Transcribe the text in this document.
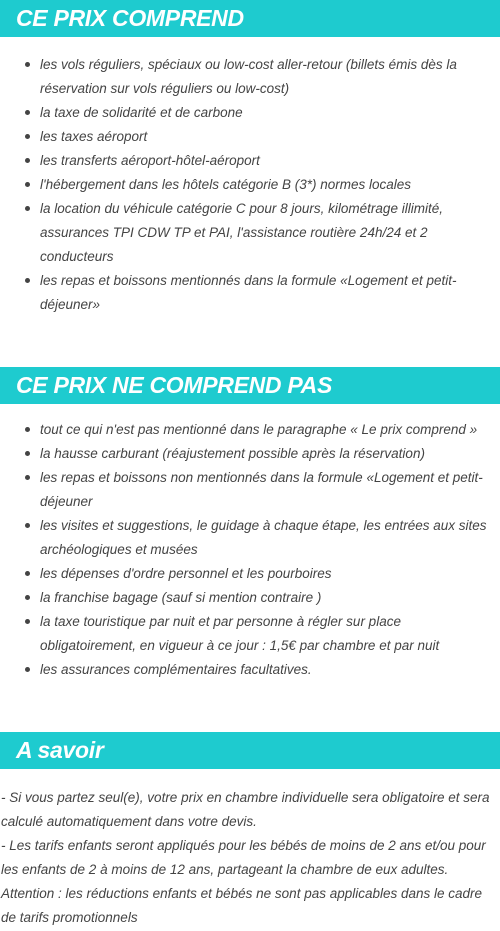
CE PRIX COMPREND
les vols réguliers, spéciaux ou low-cost aller-retour (billets émis dès la réservation sur vols réguliers ou low-cost)
la taxe de solidarité et de carbone
les taxes aéroport
les transferts aéroport-hôtel-aéroport
l'hébergement dans les hôtels catégorie B (3*) normes locales
la location du véhicule catégorie C pour 8 jours, kilométrage illimité, assurances TPI CDW TP et PAI, l'assistance routière 24h/24 et 2 conducteurs
les repas et boissons mentionnés dans la formule «Logement et petit-déjeuner»
CE PRIX NE COMPREND PAS
tout ce qui n'est pas mentionné dans le paragraphe « Le prix comprend »
la hausse carburant (réajustement possible après la réservation)
les repas et boissons non mentionnés dans la formule «Logement et petit-déjeuner
les visites et suggestions, le guidage à chaque étape, les entrées aux sites archéologiques et musées
les dépenses d'ordre personnel et les pourboires
la franchise bagage (sauf si mention contraire )
la taxe touristique par nuit et par personne à régler sur place obligatoirement, en vigueur à ce jour : 1,5€ par chambre et par nuit
les assurances complémentaires facultatives.
A savoir

- Si vous partez seul(e), votre prix en chambre individuelle sera obligatoire et sera calculé automatiquement dans votre devis.

- Les tarifs enfants seront appliqués pour les bébés de moins de 2 ans et/ou pour les enfants de 2 à moins de 12 ans, partageant la chambre de eux adultes.

Attention : les réductions enfants et bébés ne sont pas applicables dans le cadre de tarifs promotionnels
